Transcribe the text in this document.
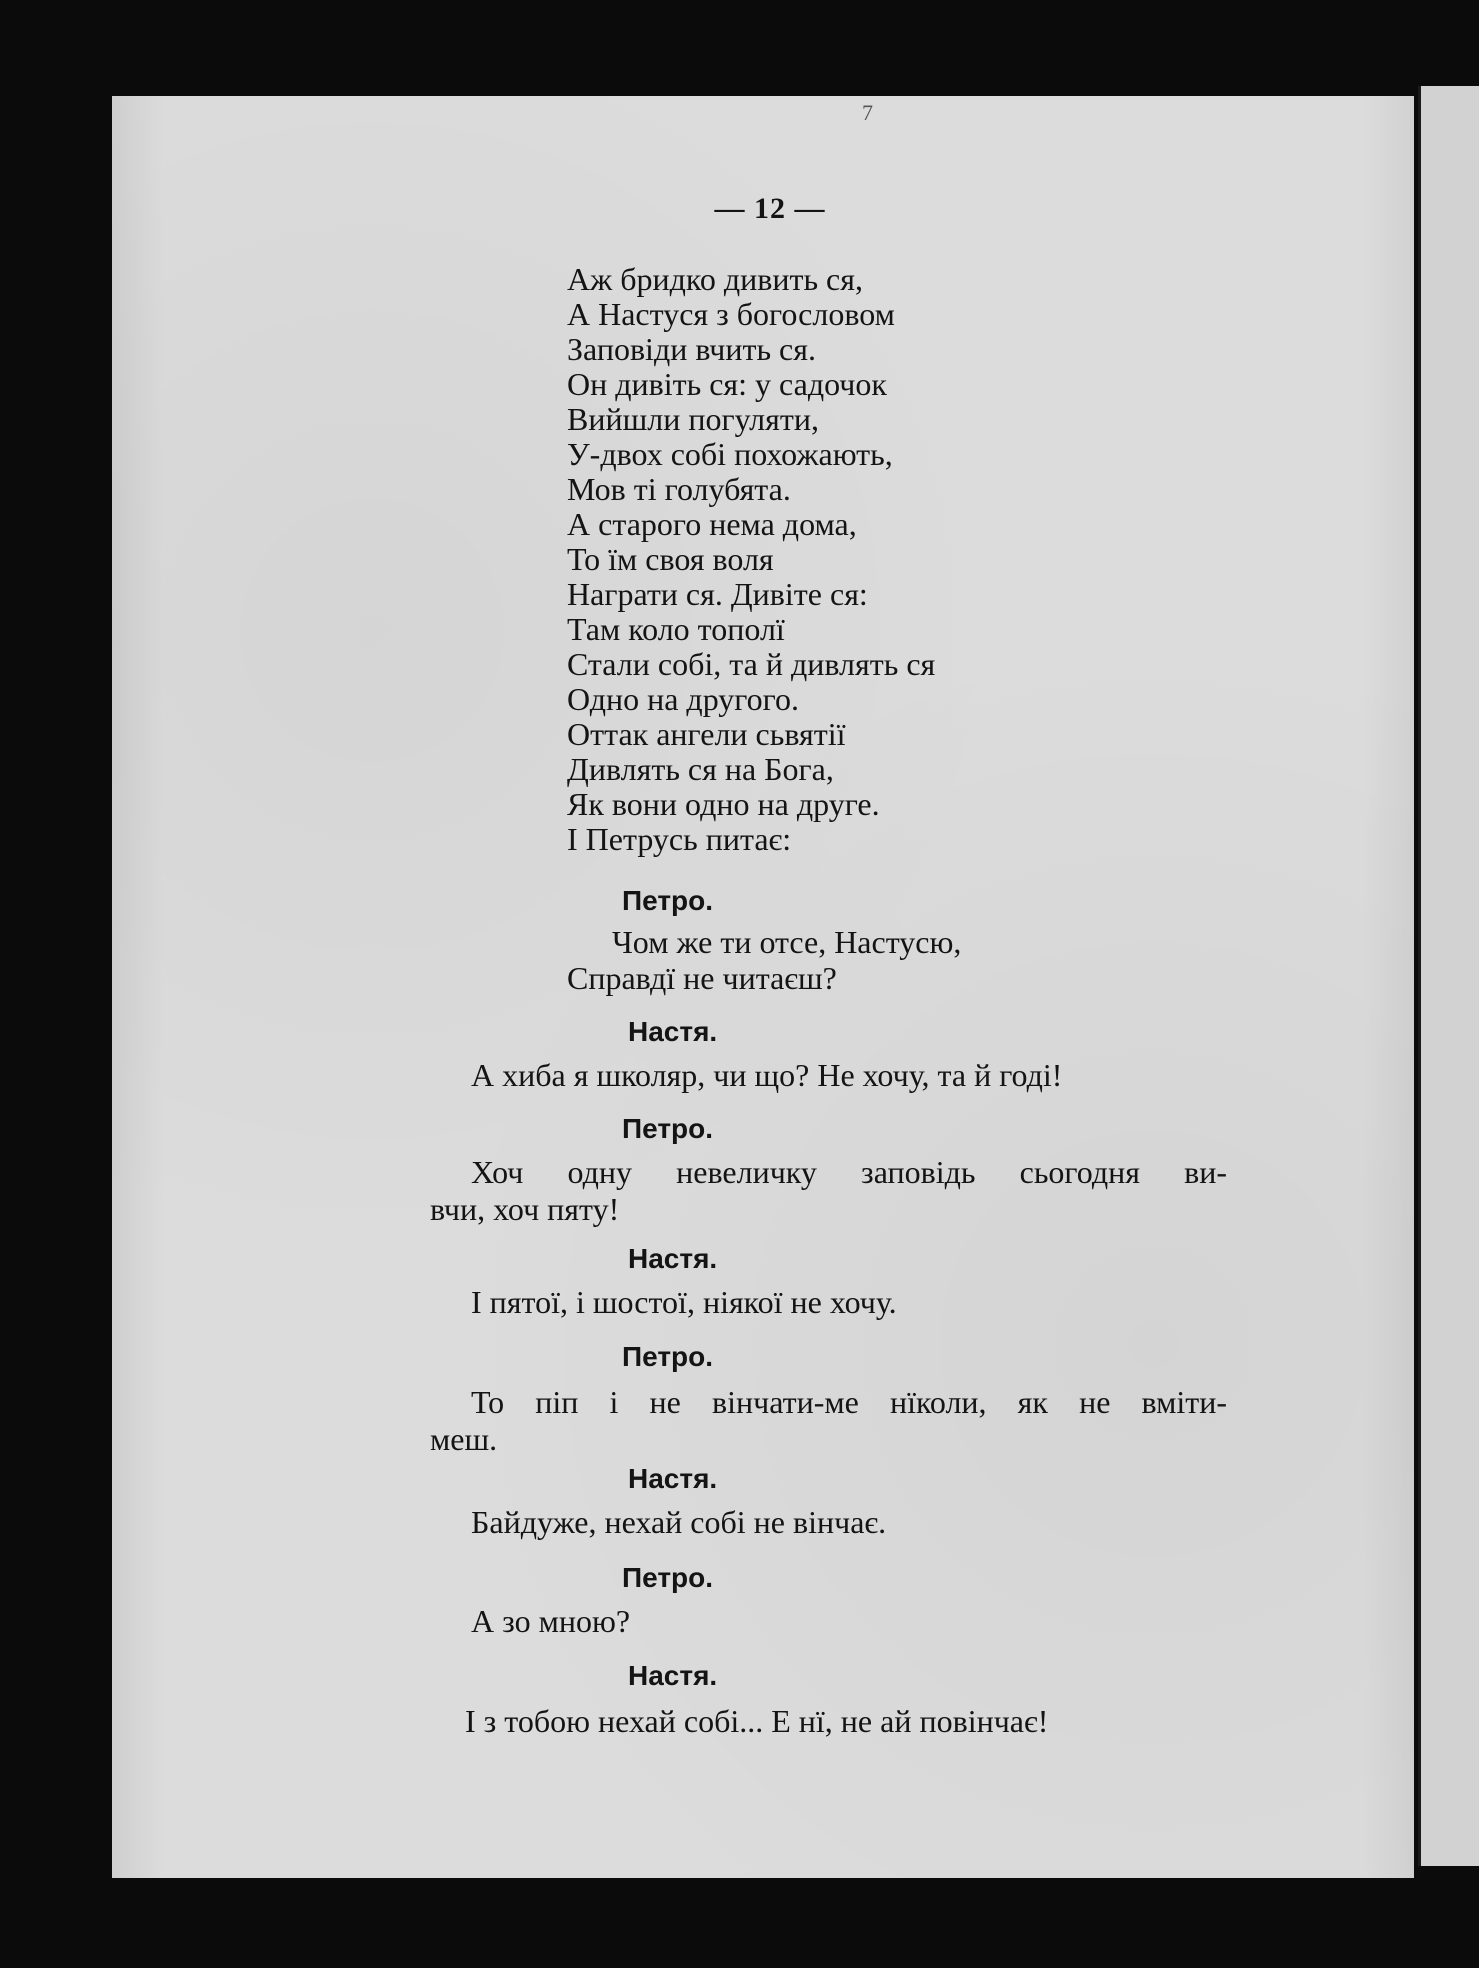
7
— 12 —
Аж бридко дивить ся,
А Настуся з богословом
Заповіди вчить ся.
Он дивіть ся: у садочок
Вийшли погуляти,
У-двох собі похожають,
Мов ті голубята.
А старого нема дома,
То їм своя воля
Награти ся. Дивіте ся:
Там коло тополї
Стали собі, та й дивлять ся
Одно на другого.
Оттак ангели сьвятії
Дивлять ся на Бога,
Як вони одно на друге.
І Петрусь питає:
Петро.
Чом же ти отсе, Настусю,
Справдї не читаєш?
Настя.
А хиба я школяр, чи що? Не хочу, та й годі!
Петро.
Хоч одну невеличку заповідь сьогодня ви-
вчи, хоч пяту!
Настя.
І пятої, і шостої, ніякої не хочу.
Петро.
То піп і не вінчати-ме нїколи, як не вміти-
меш.
Настя.
Байдуже, нехай собі не вінчає.
Петро.
А зо мною?
Настя.
І з тобою нехай собі... Е нї, не ай повінчає!
